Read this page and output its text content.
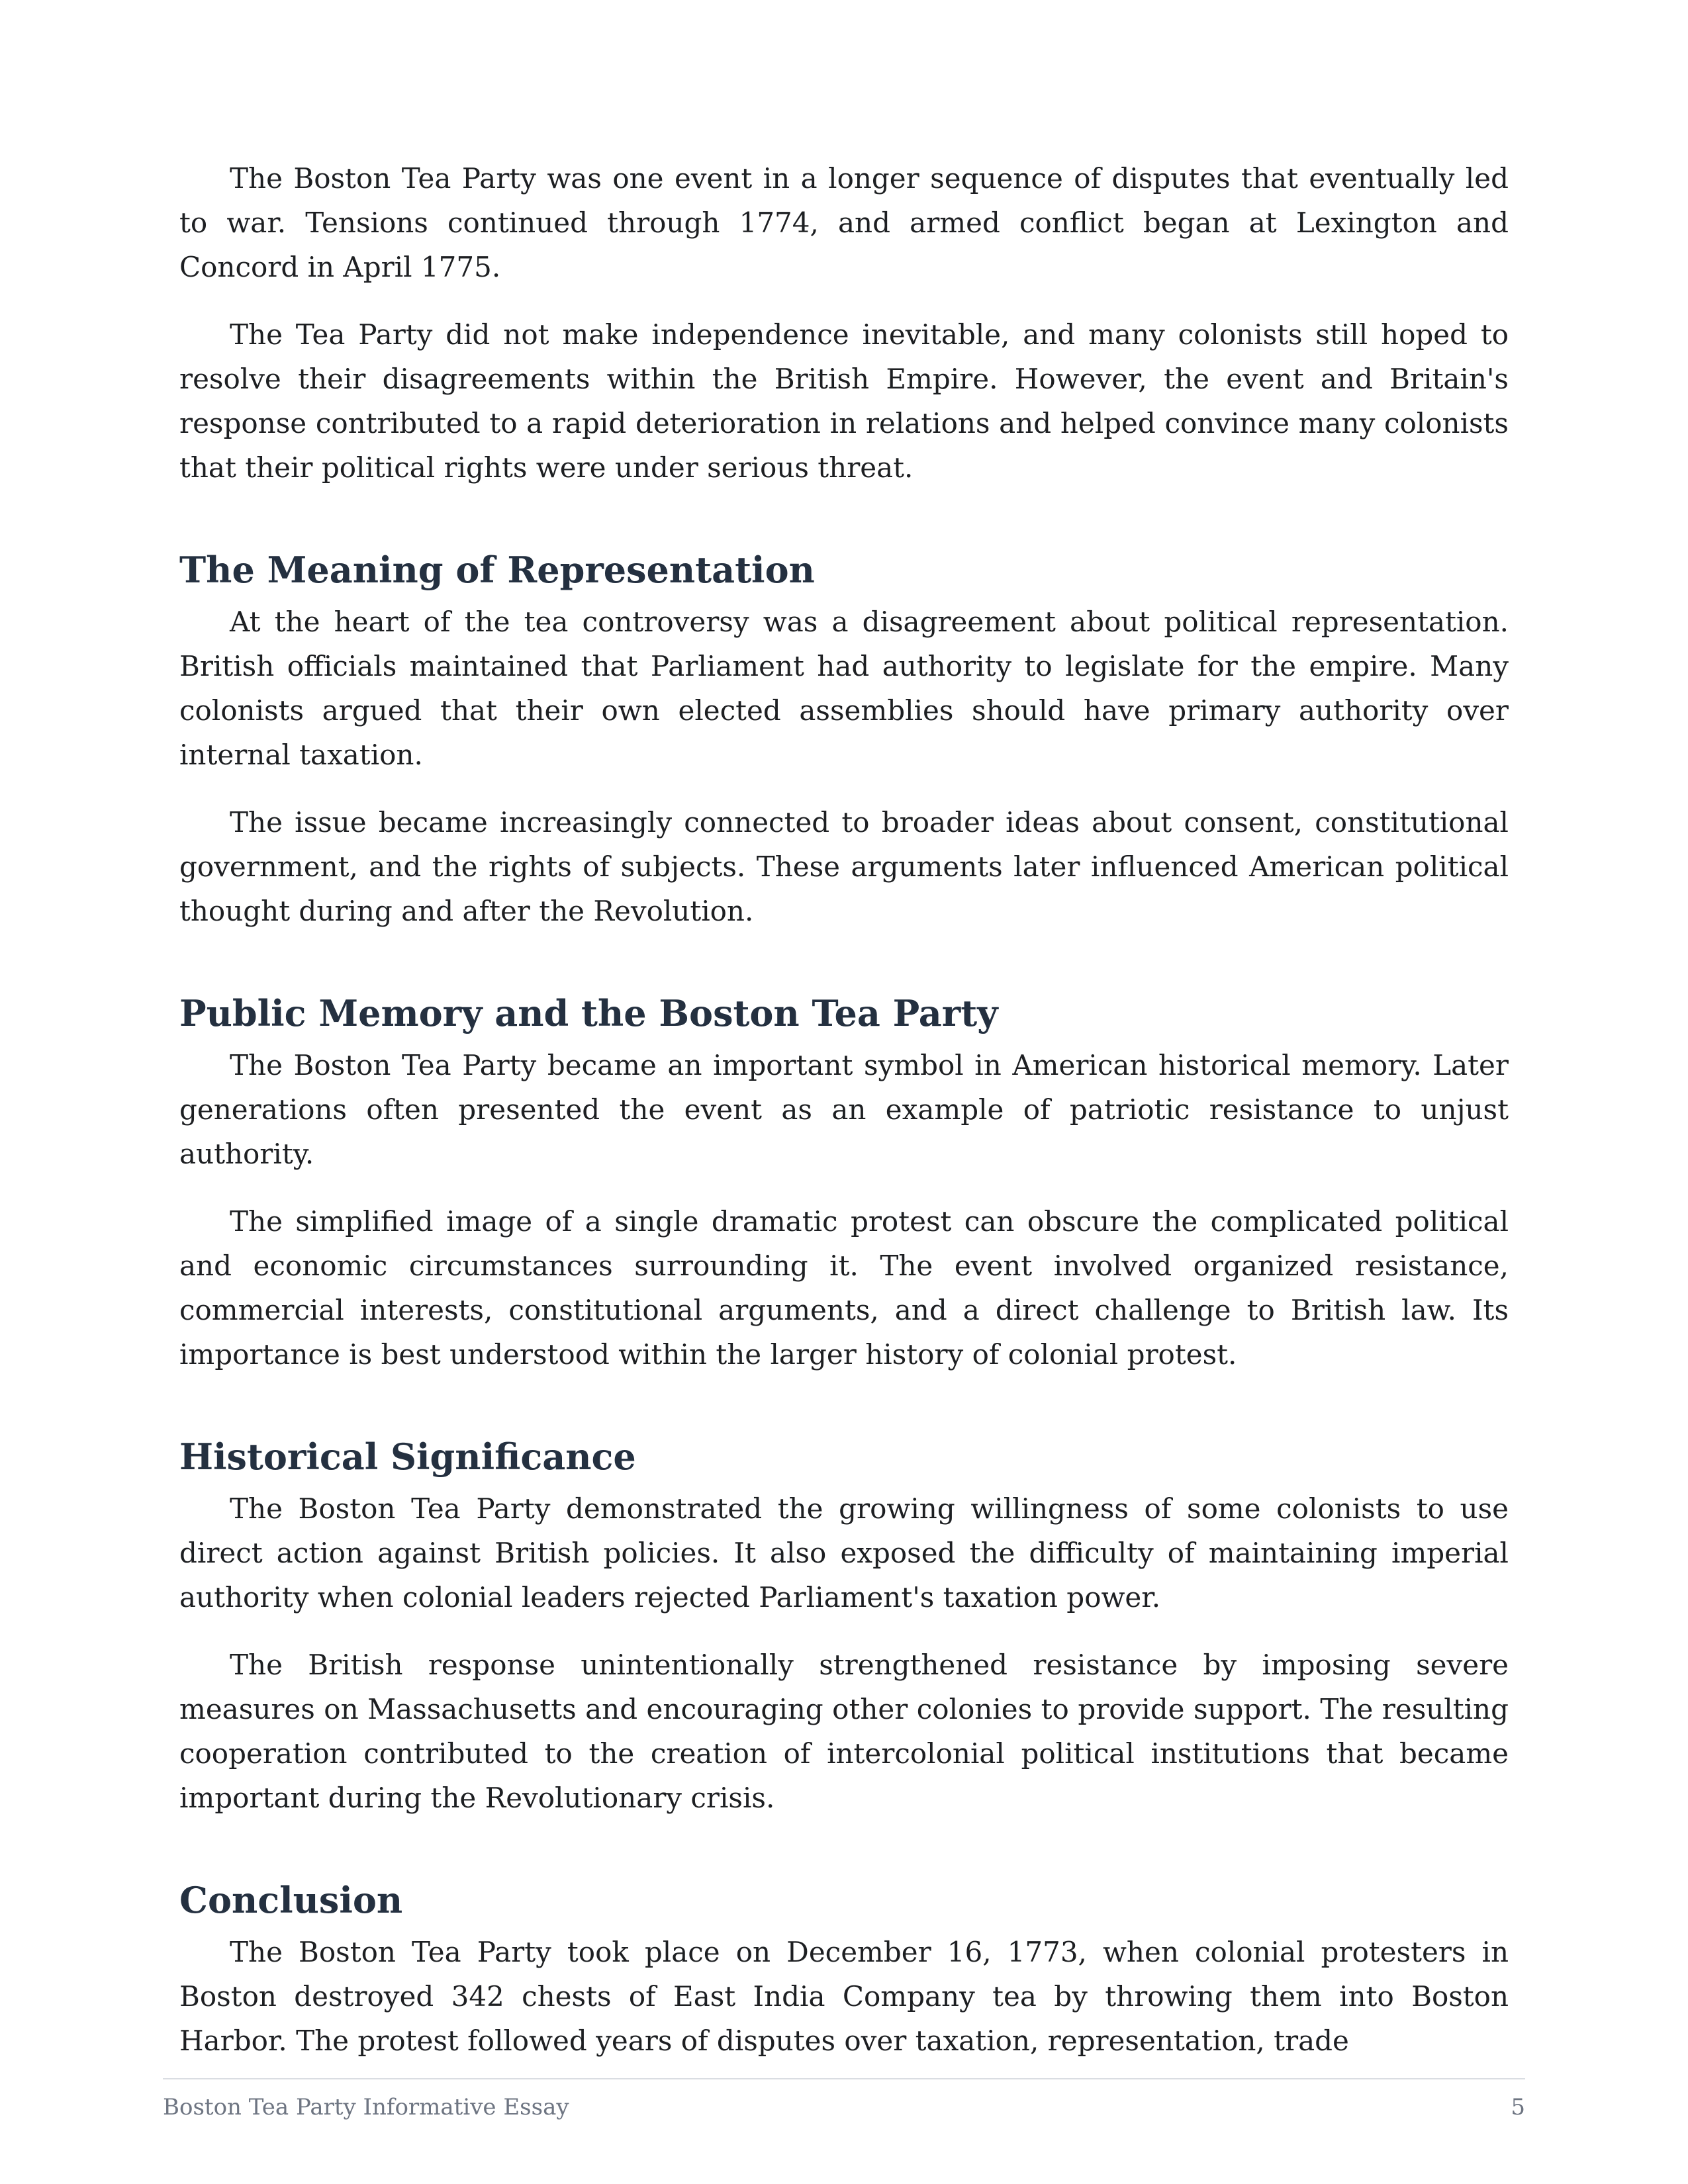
The Boston Tea Party was one event in a longer sequence of disputes that eventually led to war. Tensions continued through 1774, and armed conflict began at Lexington and Concord in April 1775.

The Tea Party did not make independence inevitable, and many colonists still hoped to resolve their disagreements within the British Empire. However, the event and Britain's response contributed to a rapid deterioration in relations and helped convince many colonists that their political rights were under serious threat.

The Meaning of Representation

At the heart of the tea controversy was a disagreement about political representation. British officials maintained that Parliament had authority to legislate for the empire. Many colonists argued that their own elected assemblies should have primary authority over internal taxation.

The issue became increasingly connected to broader ideas about consent, constitutional government, and the rights of subjects. These arguments later influenced American political thought during and after the Revolution.

Public Memory and the Boston Tea Party

The Boston Tea Party became an important symbol in American historical memory. Later generations often presented the event as an example of patriotic resistance to unjust authority.

The simplified image of a single dramatic protest can obscure the complicated political and economic circumstances surrounding it. The event involved organized resistance, commercial interests, constitutional arguments, and a direct challenge to British law. Its importance is best understood within the larger history of colonial protest.

Historical Significance

The Boston Tea Party demonstrated the growing willingness of some colonists to use direct action against British policies. It also exposed the difficulty of maintaining imperial authority when colonial leaders rejected Parliament's taxation power.

The British response unintentionally strengthened resistance by imposing severe measures on Massachusetts and encouraging other colonies to provide support. The resulting cooperation contributed to the creation of intercolonial political institutions that became important during the Revolutionary crisis.

Conclusion

The Boston Tea Party took place on December 16, 1773, when colonial protesters in Boston destroyed 342 chests of East India Company tea by throwing them into Boston Harbor. The protest followed years of disputes over taxation, representation, trade

Boston Tea Party Informative Essay	5
